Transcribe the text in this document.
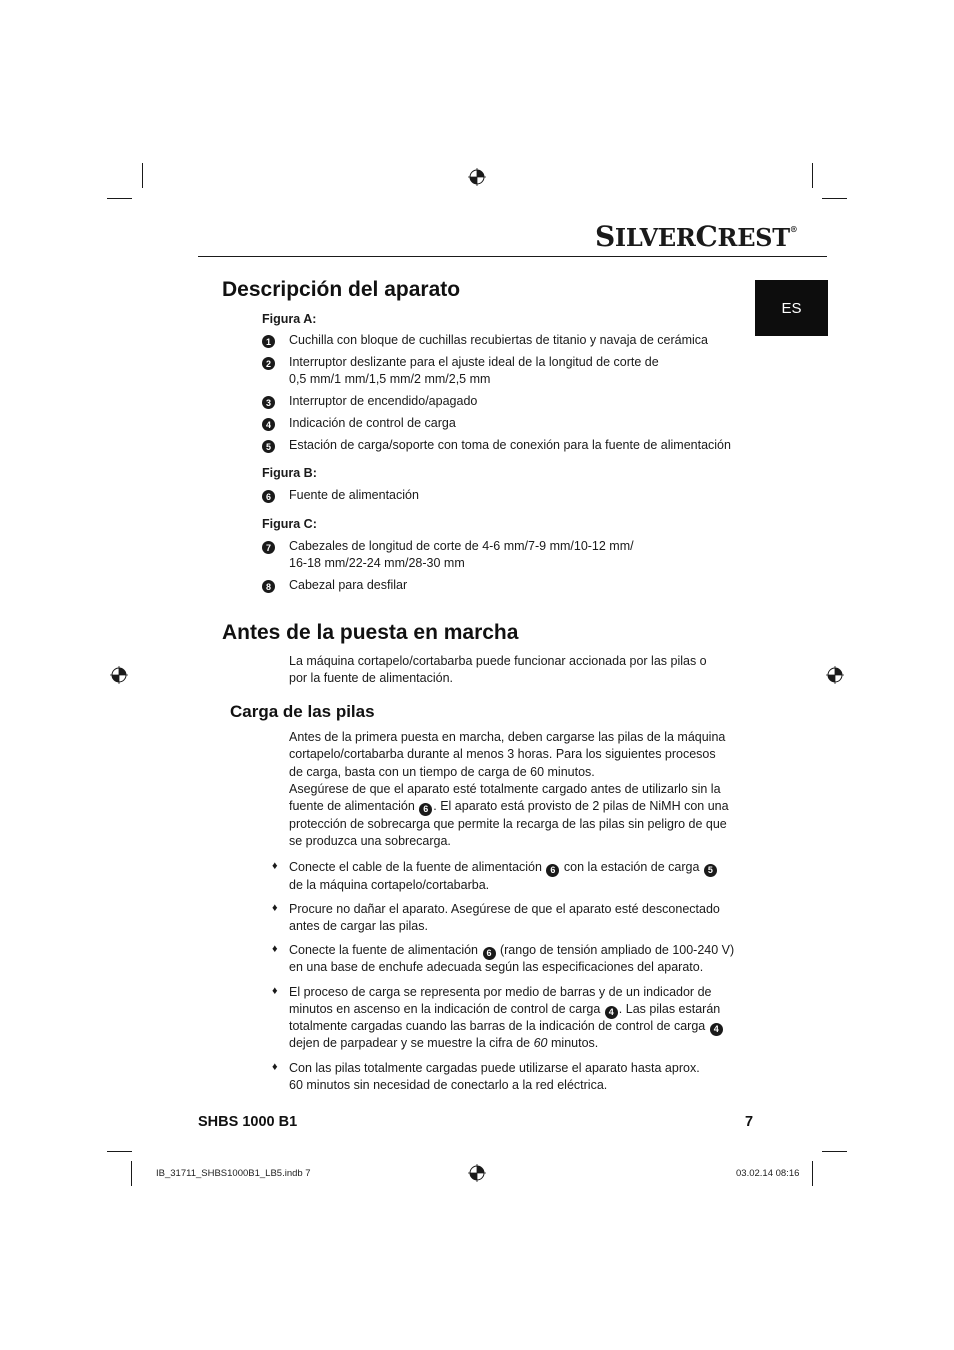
SILVERCREST®
ES
Descripción del aparato
Figura A:
1	Cuchilla con bloque de cuchillas recubiertas de titanio y navaja de cerámica
2	Interruptor deslizante para el ajuste ideal de la longitud de corte de
0,5 mm/1 mm/1,5 mm/2 mm/2,5 mm
3	Interruptor de encendido/apagado
4	Indicación de control de carga
5	Estación de carga/soporte con toma de conexión para la fuente de alimentación
Figura B:
6	Fuente de alimentación
Figura C:
7	Cabezales de longitud de corte de 4-6 mm/7-9 mm/10-12 mm/
16-18 mm/22-24 mm/28-30 mm
8	Cabezal para desfilar
Antes de la puesta en marcha
La máquina cortapelo/cortabarba puede funcionar accionada por las pilas o
por la fuente de alimentación.
Carga de las pilas
Antes de la primera puesta en marcha, deben cargarse las pilas de la máquina
cortapelo/cortabarba durante al menos 3 horas. Para los siguientes procesos
de carga, basta con un tiempo de carga de 60 minutos.
Asegúrese de que el aparato esté totalmente cargado antes de utilizarlo sin la
fuente de alimentación 6 . El aparato está provisto de 2 pilas de NiMH con una
protección de sobrecarga que permite la recarga de las pilas sin peligro de que
se produzca una sobrecarga.
♦ Conecte el cable de la fuente de alimentación 6 con la estación de carga 5
de la máquina cortapelo/cortabarba.
♦ Procure no dañar el aparato. Asegúrese de que el aparato esté desconectado
antes de cargar las pilas.
♦ Conecte la fuente de alimentación 6 (rango de tensión ampliado de 100-240 V)
en una base de enchufe adecuada según las especificaciones del aparato.
♦ El proceso de carga se representa por medio de barras y de un indicador de
minutos en ascenso en la indicación de control de carga 4 . Las pilas estarán
totalmente cargadas cuando las barras de la indicación de control de carga 4
dejen de parpadear y se muestre la cifra de 60 minutos.
♦ Con las pilas totalmente cargadas puede utilizarse el aparato hasta aprox.
60 minutos sin necesidad de conectarlo a la red eléctrica.
SHBS 1000 B1	7
IB_31711_SHBS1000B1_LB5.indb 7	03.02.14 08:16
